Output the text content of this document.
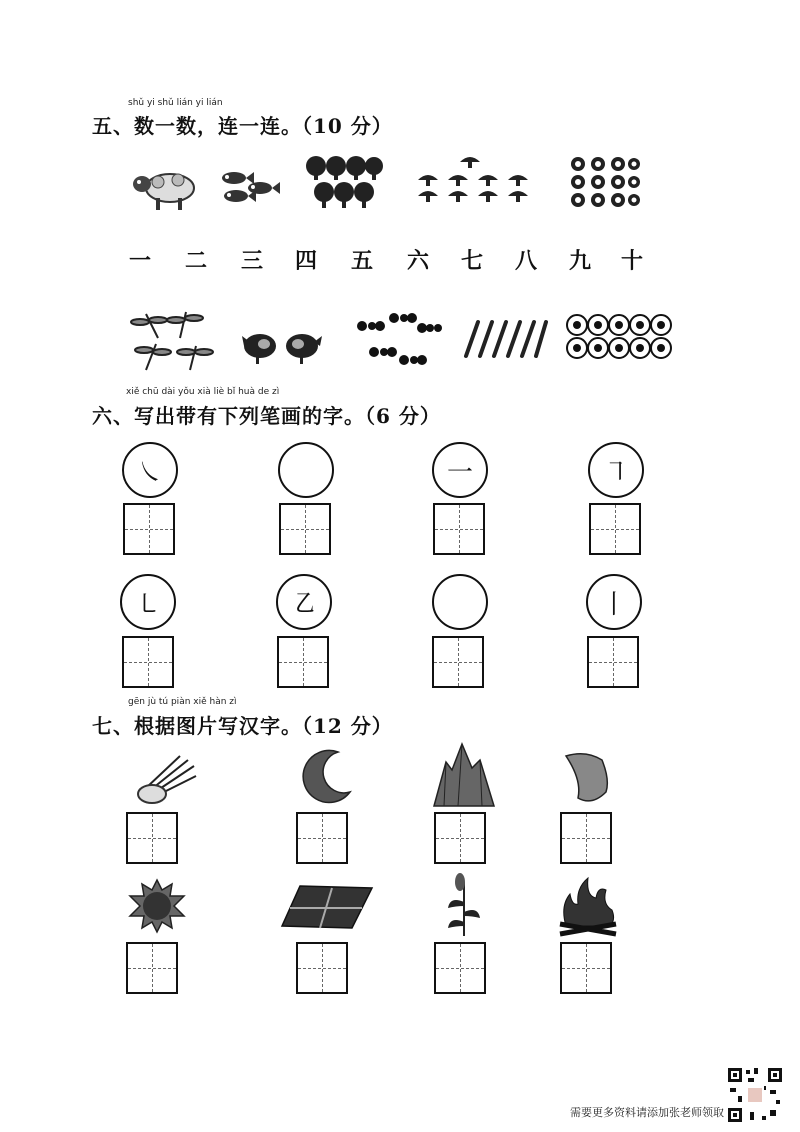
shǔ yi shǔ lián yi lián
五、数一数，连一连。（10 分）
一	二	三	四	五	六	七	八	九	十
xiě chū dài yǒu xià liè bǐ huà de zì
六、写出带有下列笔画的字。（6 分）
㇏	一	㇕
㇄	㇠	丨
gēn jù tú piàn xiě hàn zì
七、根据图片写汉字。（12 分）
需要更多资料请添加张老师领取
